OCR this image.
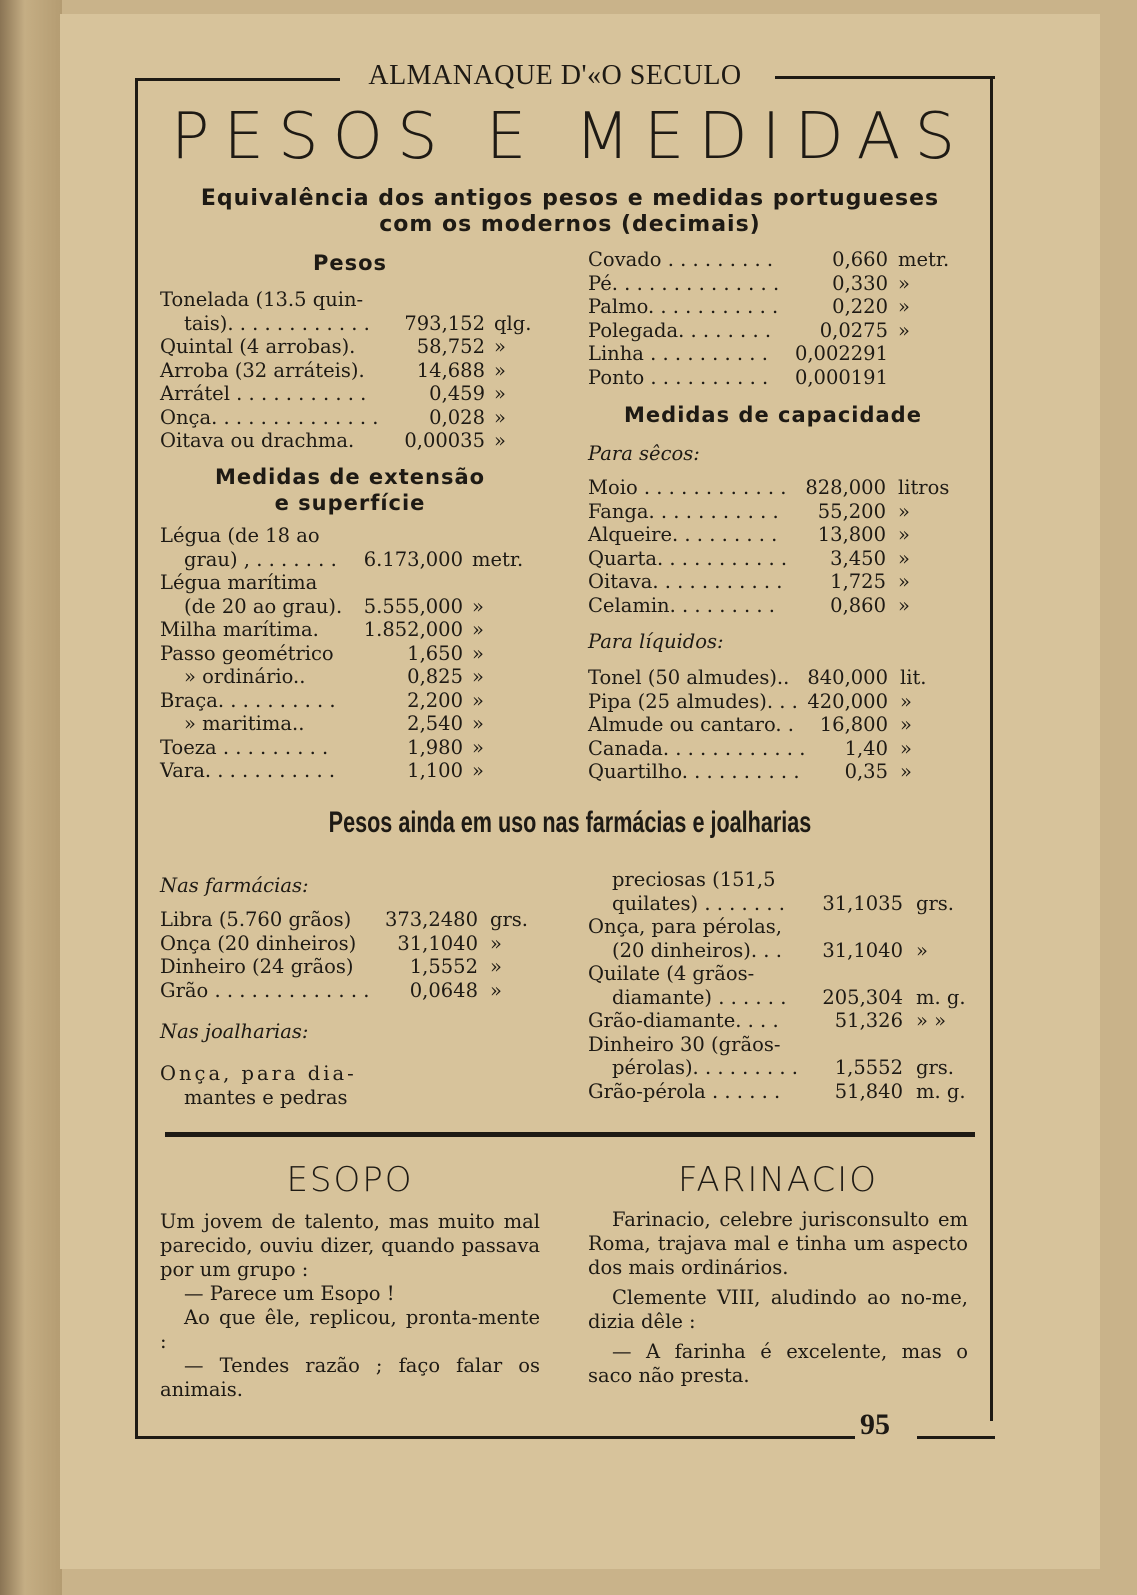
ALMANAQUE D'«O SECULO
PESOS E MEDIDAS
Equivalência dos antigos pesos e medidas portugueses
com os modernos (decimais)
Pesos
Tonelada (13.5 quin-
tais). . . . . . . . . . . . 793,152 qlg.
Quintal (4 arrobas).	58,752 »
Arroba (32 arráteis).	14,688 »
Arrátel . . . . . . . . . . .	0,459 »
Onça. . . . . . . . . . . . . .	0,028 »
Oitava ou drachma.	0,00035 »
Medidas de extensão
e superfície
Légua (de 18 ao
grau) , . . . . . . . 6.173,000 metr.
Légua marítima
(de 20 ao grau). 5.555,000 »
Milha marítima. 1.852,000 »
Passo geométrico	1,650 »
» ordinário..	0,825 »
Braça. . . . . . . . . .	2,200 »
» maritima..	2,540 »
Toeza . . . . . . . . .	1,980 »
Vara. . . . . . . . . . .	1,100 »
Covado . . . . . . . . .	0,660 metr.
Pé. . . . . . . . . . . . . .	0,330 »
Palmo. . . . . . . . . . .	0,220 »
Polegada. . . . . . . . 0,0275 »
Linha . . . . . . . . . . 0,002291
Ponto . . . . . . . . . . 0,000191
Medidas de capacidade
Para sêcos:
Moio . . . . . . . . . . . . 828,000 litros
Fanga. . . . . . . . . . . 55,200 »
Alqueire. . . . . . . . . 13,800 »
Quarta. . . . . . . . . . . 3,450 »
Oitava. . . . . . . . . . . 1,725 »
Celamin. . . . . . . . .	0,860 »
Para líquidos:
Tonel (50 almudes).. 840,000 lit.
Pipa (25 almudes). . . 420,000 »
Almude ou cantaro. . 16,800 »
Canada. . . . . . . . . . . . 1,40 »
Quartilho. . . . . . . . . . 0,35 »
Pesos ainda em uso nas farmácias e joalharias
Nas farmácias:
Libra (5.760 grãos) 373,2480 grs.
Onça (20 dinheiros) 31,1040 »
Dinheiro (24 grãos)	1,5552 »
Grão . . . . . . . . . . . . . 0,0648 »
Nas joalharias:
Onça, para dia-
mantes e pedras
preciosas (151,5
quilates) . . . . . . . 31,1035 grs.
Onça, para pérolas,
(20 dinheiros). . . 31,1040 »
Quilate (4 grãos-
diamante) . . . . . . 205,304 m. g.
Grão-diamante. . . .	51,326 » »
Dinheiro 30 (grãos-
pérolas). . . . . . . . . 1,5552 grs.
Grão-pérola . . . . . .	51,840 m. g.
ESOPO

Um jovem de talento, mas muito mal parecido, ouviu dizer, quando passava por um grupo :

— Parece um Esopo !

Ao que êle, replicou, pronta-mente :

— Tendes razão ; faço falar os animais.

FARINACIO

Farinacio, celebre jurisconsulto em Roma, trajava mal e tinha um aspecto dos mais ordinários.

Clemente VIII, aludindo ao no-me, dizia dêle :

— A farinha é excelente, mas o saco não presta.

95
